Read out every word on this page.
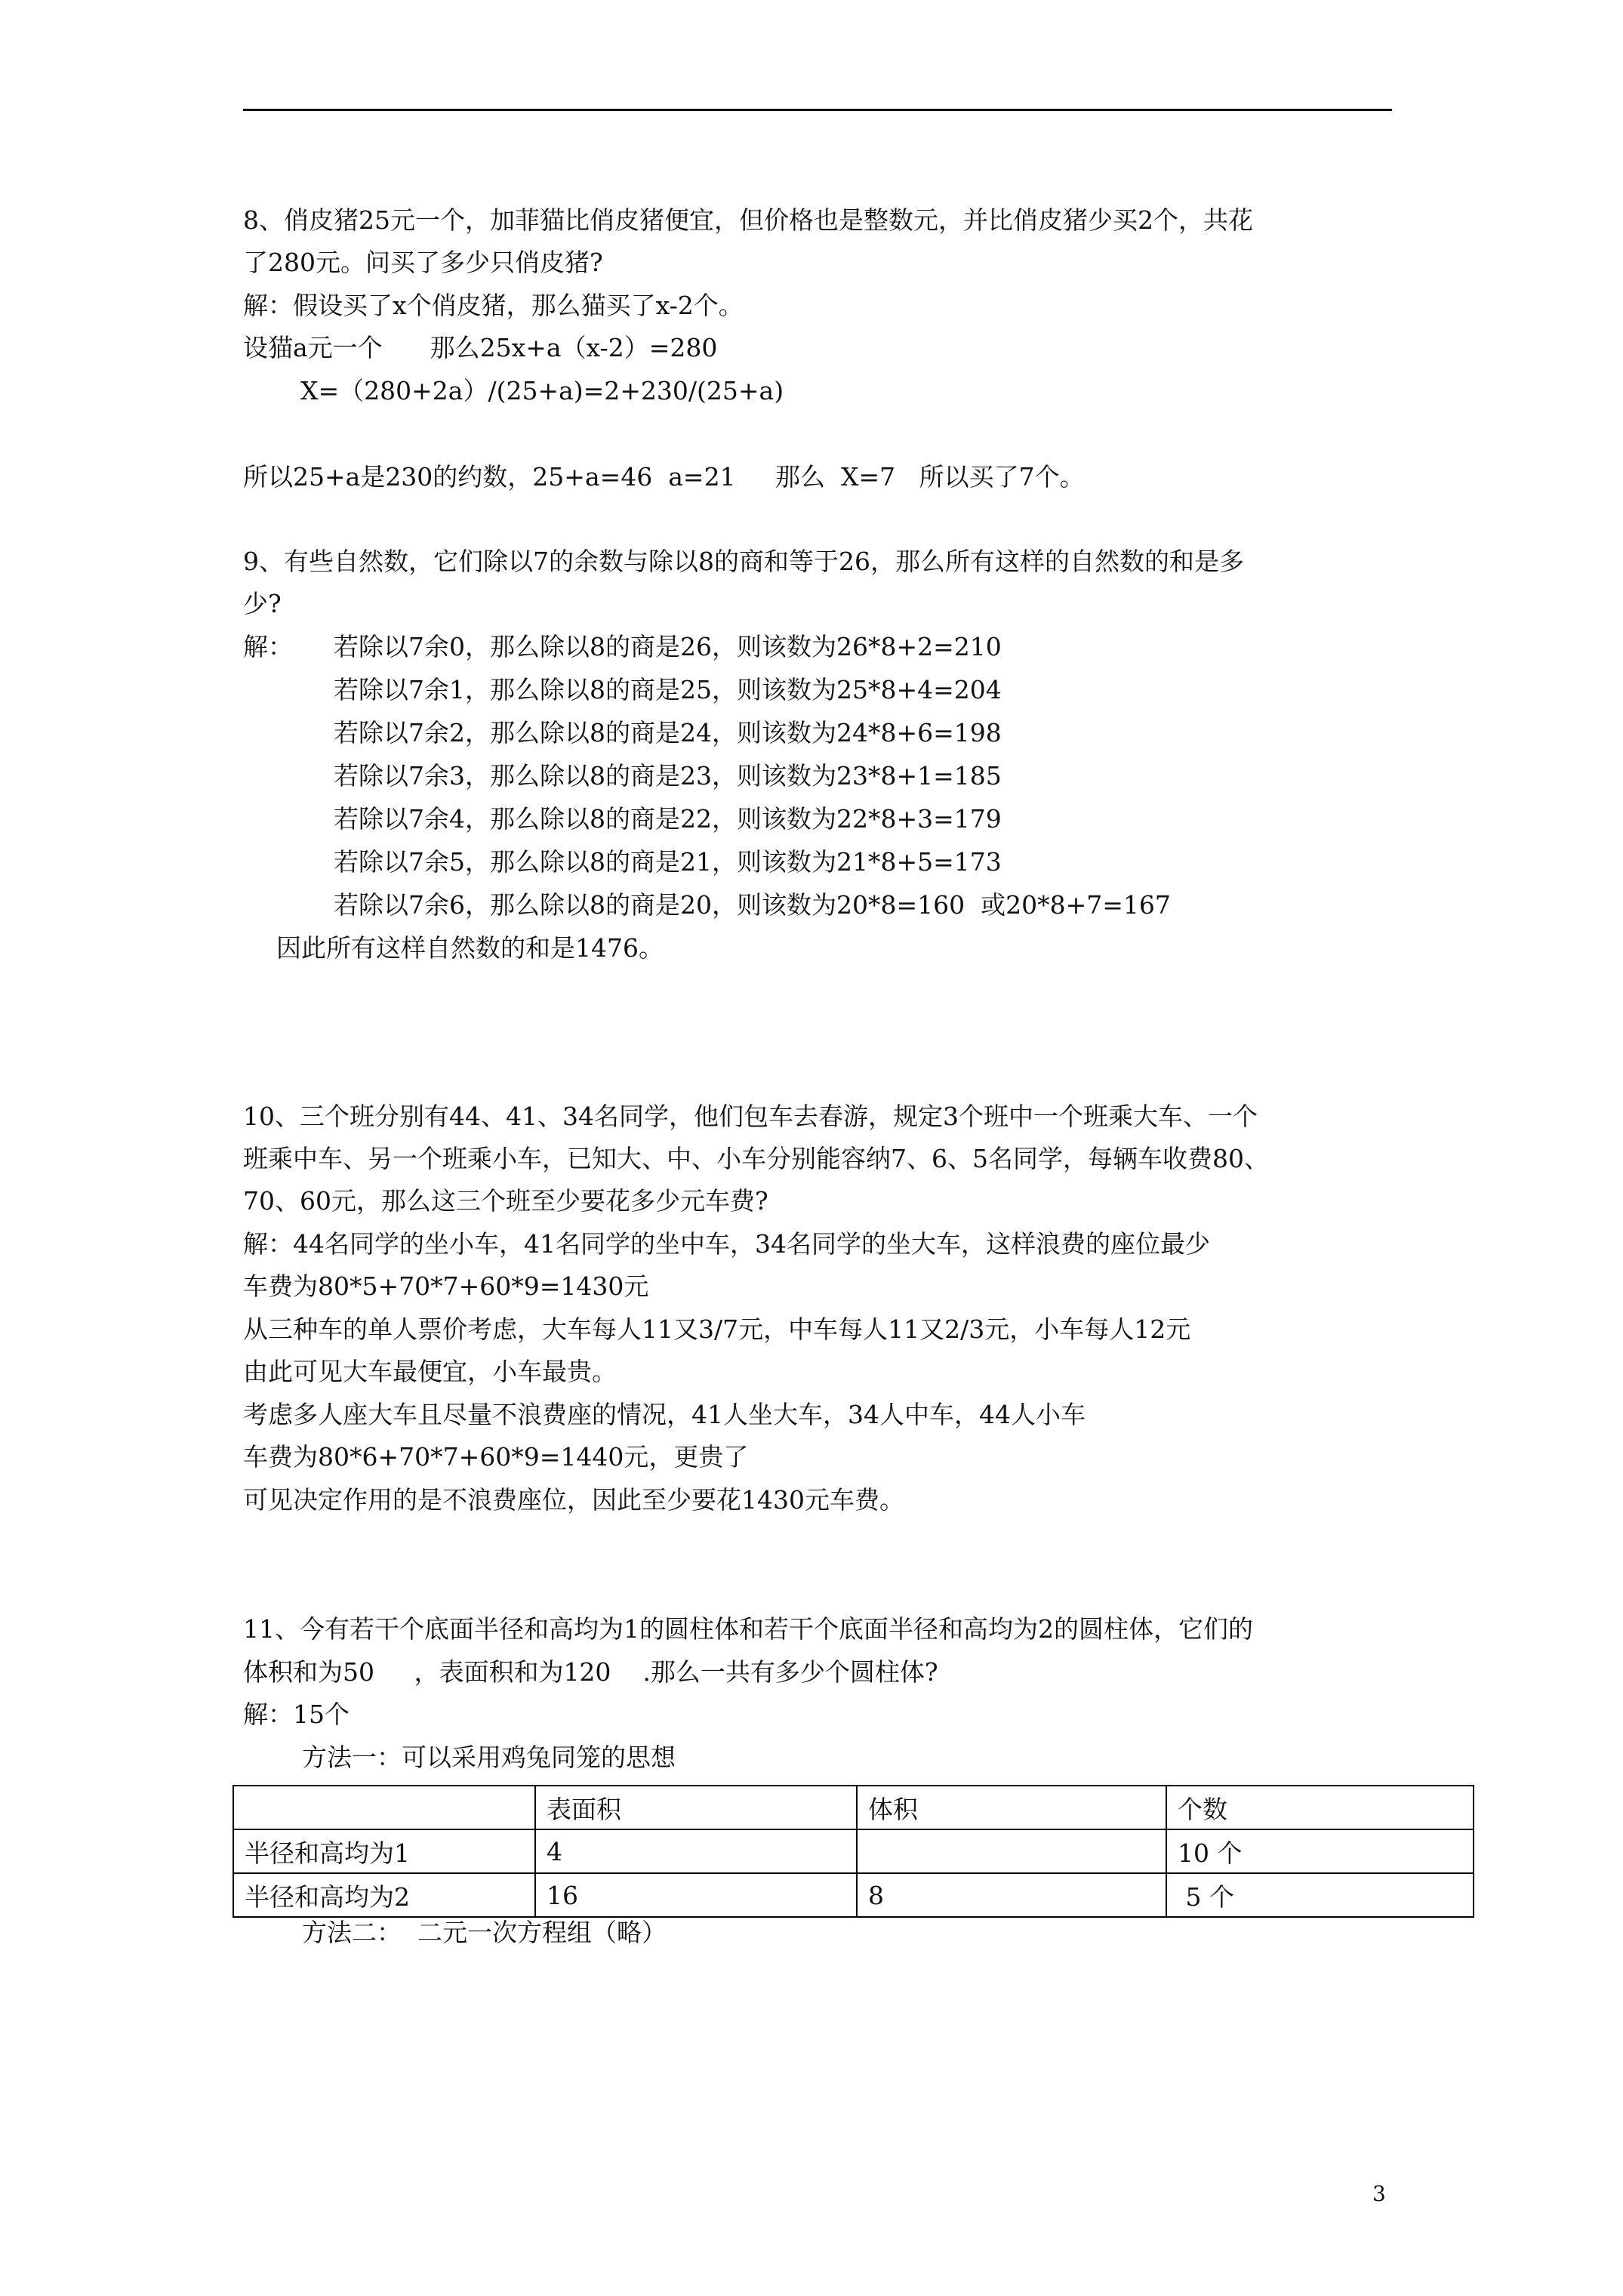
8、俏皮猪25元一个，加菲猫比俏皮猪便宜，但价格也是整数元，并比俏皮猪少买2个，共花

了280元。问买了多少只俏皮猪?

解：假设买了x个俏皮猪，那么猫买了x-2个。

设猫a元一个      那么25x+a（x-2）=280

X=（280+2a）/(25+a)=2+230/(25+a)

所以25+a是230的约数，25+a=46  a=21     那么  X=7   所以买了7个。

9、有些自然数，它们除以7的余数与除以8的商和等于26，那么所有这样的自然数的和是多

少?

解： 若除以7余0，那么除以8的商是26，则该数为26*8+2=210

若除以7余1，那么除以8的商是25，则该数为25*8+4=204

若除以7余2，那么除以8的商是24，则该数为24*8+6=198

若除以7余3，那么除以8的商是23，则该数为23*8+1=185

若除以7余4，那么除以8的商是22，则该数为22*8+3=179

若除以7余5，那么除以8的商是21，则该数为21*8+5=173

若除以7余6，那么除以8的商是20，则该数为20*8=160  或20*8+7=167

因此所有这样自然数的和是1476。

10、三个班分别有44、41、34名同学，他们包车去春游，规定3个班中一个班乘大车、一个

班乘中车、另一个班乘小车，已知大、中、小车分别能容纳7、6、5名同学，每辆车收费80、

70、60元，那么这三个班至少要花多少元车费?

解：44名同学的坐小车，41名同学的坐中车，34名同学的坐大车，这样浪费的座位最少

车费为80*5+70*7+60*9=1430元

从三种车的单人票价考虑，大车每人11又3/7元，中车每人11又2/3元，小车每人12元

由此可见大车最便宜，小车最贵。

考虑多人座大车且尽量不浪费座的情况，41人坐大车，34人中车，44人小车

车费为80*6+70*7+60*9=1440元，更贵了

可见决定作用的是不浪费座位，因此至少要花1430元车费。

11、今有若干个底面半径和高均为1的圆柱体和若干个底面半径和高均为2的圆柱体，它们的

体积和为50     ，表面积和为120    .那么一共有多少个圆柱体?

解：15个

方法一：可以采用鸡兔同笼的思想

	表面积	体积	个数
半径和高均为1	4		10 个
半径和高均为2	16	8	5 个

方法二：  二元一次方程组（略）

3
